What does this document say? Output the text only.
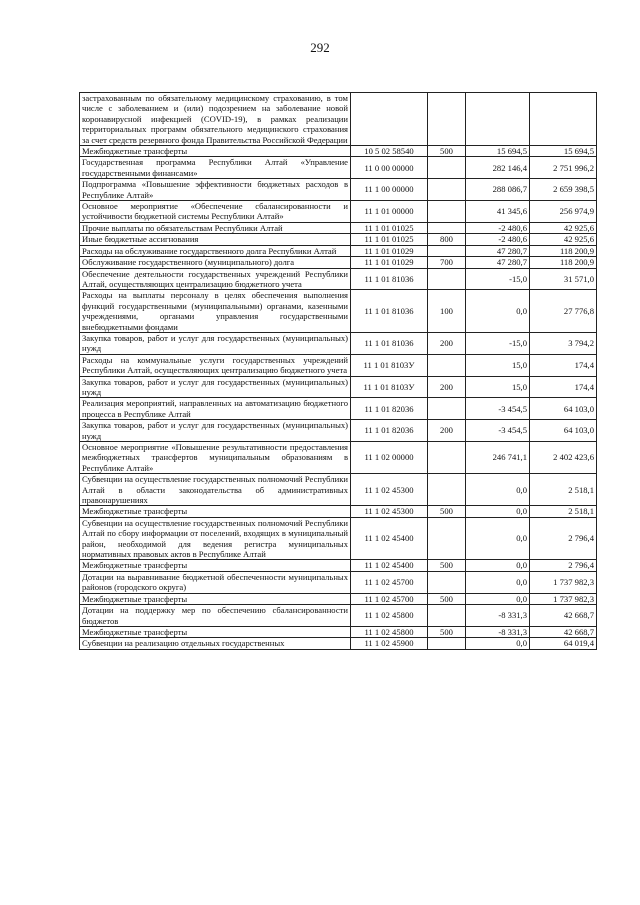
292
застрахованным по обязательному медицинскому страхованию, в том числе с заболеванием и (или) подозрением на заболевание новой коронавирусной инфекцией (COVID-19), в рамках реализации территориальных программ обязательного медицинского страхования за счет средств резервного фонда Правительства Российской Федерации				
Межбюджетные трансферты	10 5 02 58540	500	15 694,5	15 694,5
Государственная программа Республики Алтай «Управление государственными финансами»	11 0 00 00000		282 146,4	2 751 996,2
Подпрограмма «Повышение эффективности бюджетных расходов в Республике Алтай»	11 1 00 00000		288 086,7	2 659 398,5
Основное мероприятие «Обеспечение сбалансированности и устойчивости бюджетной системы Республики Алтай»	11 1 01 00000		41 345,6	256 974,9
Прочие выплаты по обязательствам Республики Алтай	11 1 01 01025		-2 480,6	42 925,6
Иные бюджетные ассигнования	11 1 01 01025	800	-2 480,6	42 925,6
Расходы на обслуживание государственного долга Республики Алтай	11 1 01 01029		47 280,7	118 200,9
Обслуживание государственного (муниципального) долга	11 1 01 01029	700	47 280,7	118 200,9
Обеспечение деятельности государственных учреждений Республики Алтай, осуществляющих централизацию бюджетного учета	11 1 01 81036		-15,0	31 571,0
Расходы на выплаты персоналу в целях обеспечения выполнения функций государственными (муниципальными) органами, казенными учреждениями, органами управления государственными внебюджетными фондами	11 1 01 81036	100	0,0	27 776,8
Закупка товаров, работ и услуг для государственных (муниципальных) нужд	11 1 01 81036	200	-15,0	3 794,2
Расходы на коммунальные услуги государственных учреждений Республики Алтай, осуществляющих централизацию бюджетного учета	11 1 01 8103У		15,0	174,4
Закупка товаров, работ и услуг для государственных (муниципальных) нужд	11 1 01 8103У	200	15,0	174,4
Реализация мероприятий, направленных на автоматизацию бюджетного процесса в Республике Алтай	11 1 01 82036		-3 454,5	64 103,0
Закупка товаров, работ и услуг для государственных (муниципальных) нужд	11 1 01 82036	200	-3 454,5	64 103,0
Основное мероприятие «Повышение результативности предоставления межбюджетных трансфертов муниципальным образованиям в Республике Алтай»	11 1 02 00000		246 741,1	2 402 423,6
Субвенции на осуществление государственных полномочий Республики Алтай в области законодательства об административных правонарушениях	11 1 02 45300		0,0	2 518,1
Межбюджетные трансферты	11 1 02 45300	500	0,0	2 518,1
Субвенции на осуществление государственных полномочий Республики Алтай по сбору информации от поселений, входящих в муниципальный район, необходимой для ведения регистра муниципальных нормативных правовых актов в Республике Алтай	11 1 02 45400		0,0	2 796,4
Межбюджетные трансферты	11 1 02 45400	500	0,0	2 796,4
Дотации на выравнивание бюджетной обеспеченности муниципальных районов (городского округа)	11 1 02 45700		0,0	1 737 982,3
Межбюджетные трансферты	11 1 02 45700	500	0,0	1 737 982,3
Дотации на поддержку мер по обеспечению сбалансированности бюджетов	11 1 02 45800		-8 331,3	42 668,7
Межбюджетные трансферты	11 1 02 45800	500	-8 331,3	42 668,7
Субвенции на реализацию отдельных государственных	11 1 02 45900		0,0	64 019,4
